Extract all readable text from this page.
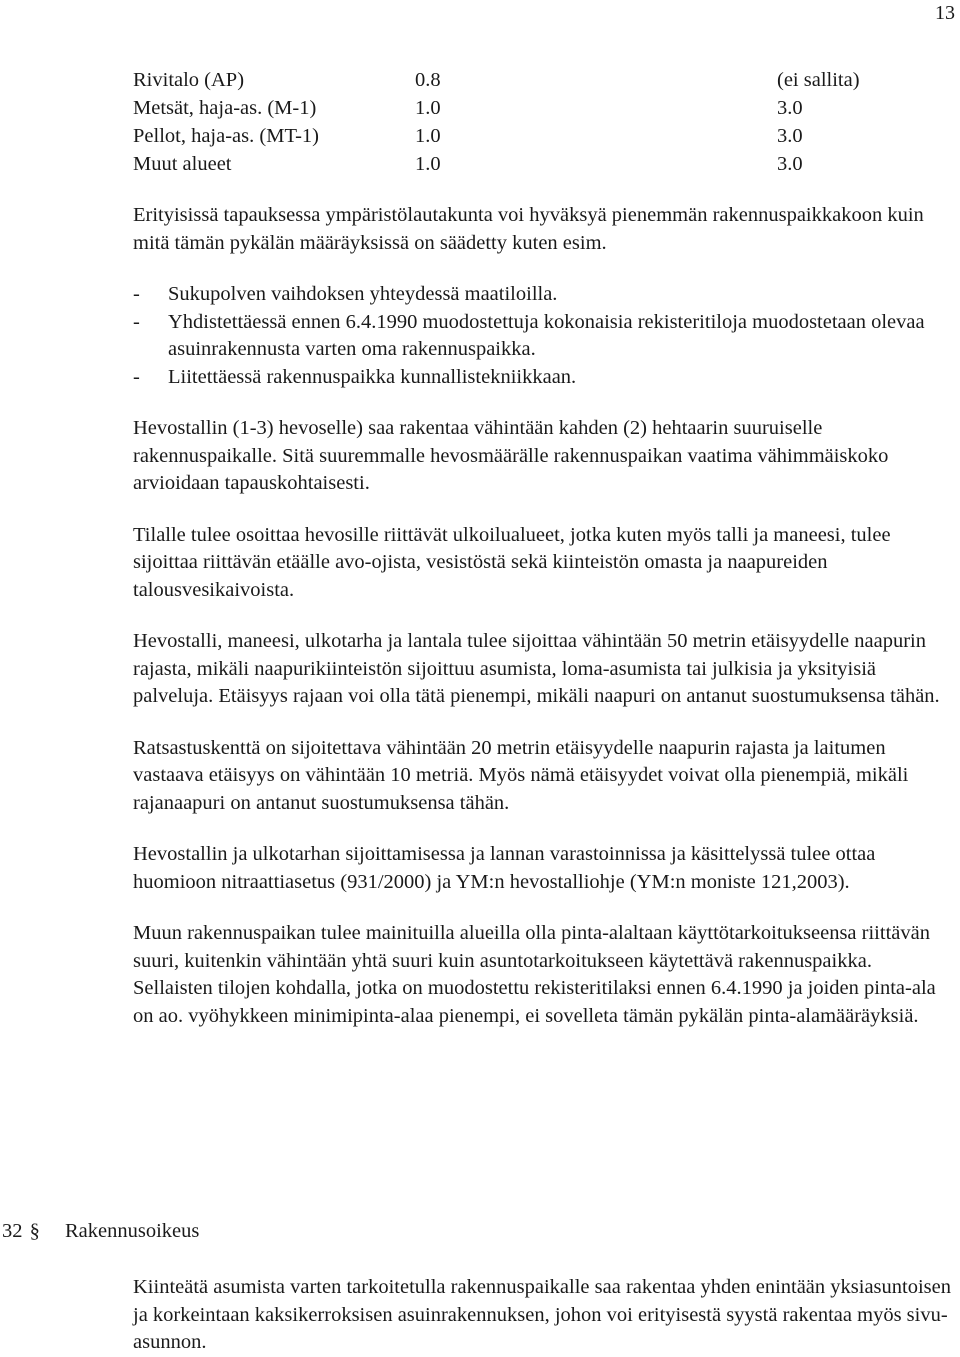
13
Rivitalo (AP)	0.8	(ei sallita)
Metsät, haja-as. (M-1)	1.0	3.0
Pellot, haja-as. (MT-1)	1.0	3.0
Muut alueet	1.0	3.0

Erityisissä tapauksessa ympäristölautakunta voi hyväksyä pienemmän rakennuspaikkakoon kuin mitä tämän pykälän määräyksissä on säädetty kuten esim.

- Sukupolven vaihdoksen yhteydessä maatiloilla.
- Yhdistettäessä ennen 6.4.1990 muodostettuja kokonaisia rekisteritiloja muodostetaan olevaa asuinrakennusta varten oma rakennuspaikka.
- Liitettäessä rakennuspaikka kunnallistekniikkaan.

Hevostallin (1-3) hevoselle) saa rakentaa vähintään kahden (2) hehtaarin suuruiselle rakennuspaikalle. Sitä suuremmalle hevosmäärälle rakennuspaikan vaatima vähimmäiskoko arvioidaan tapauskohtaisesti.

Tilalle tulee osoittaa hevosille riittävät ulkoilualueet, jotka kuten myös talli ja maneesi, tulee sijoittaa riittävän etäälle avo-ojista, vesistöstä sekä kiinteistön omasta ja naapureiden talousvesikaivoista.

Hevostalli, maneesi, ulkotarha ja lantala tulee sijoittaa vähintään 50 metrin etäisyydelle naapurin rajasta, mikäli naapurikiinteistön sijoittuu asumista, loma-asumista tai julkisia ja yksityisiä palveluja. Etäisyys rajaan voi olla tätä pienempi, mikäli naapuri on antanut suostumuksensa tähän.

Ratsastuskenttä on sijoitettava vähintään 20 metrin etäisyydelle naapurin rajasta ja laitumen vastaava etäisyys on vähintään 10 metriä. Myös nämä etäisyydet voivat olla pienempiä, mikäli rajanaapuri on antanut suostumuksensa tähän.

Hevostallin ja ulkotarhan sijoittamisessa ja lannan varastoinnissa ja käsittelyssä tulee ottaa huomioon nitraattiasetus (931/2000) ja YM:n hevostalliohje (YM:n moniste 121,2003).

Muun rakennuspaikan tulee mainituilla alueilla olla pinta-alaltaan käyttötarkoitukseensa riittävän suuri, kuitenkin vähintään yhtä suuri kuin asuntotarkoitukseen käytettävä rakennuspaikka.

Sellaisten tilojen kohdalla, jotka on muodostettu rekisteritilaksi ennen 6.4.1990 ja joiden pinta-ala on ao. vyöhykkeen minimipinta-alaa pienempi, ei sovelleta tämän pykälän pinta-alamääräyksiä.

32 § Rakennusoikeus

Kiinteätä asumista varten tarkoitetulla rakennuspaikalle saa rakentaa yhden enintään yksiasuntoisen ja korkeintaan kaksikerroksisen asuinrakennuksen, johon voi erityisestä syystä rakentaa myös sivu-asunnon.
